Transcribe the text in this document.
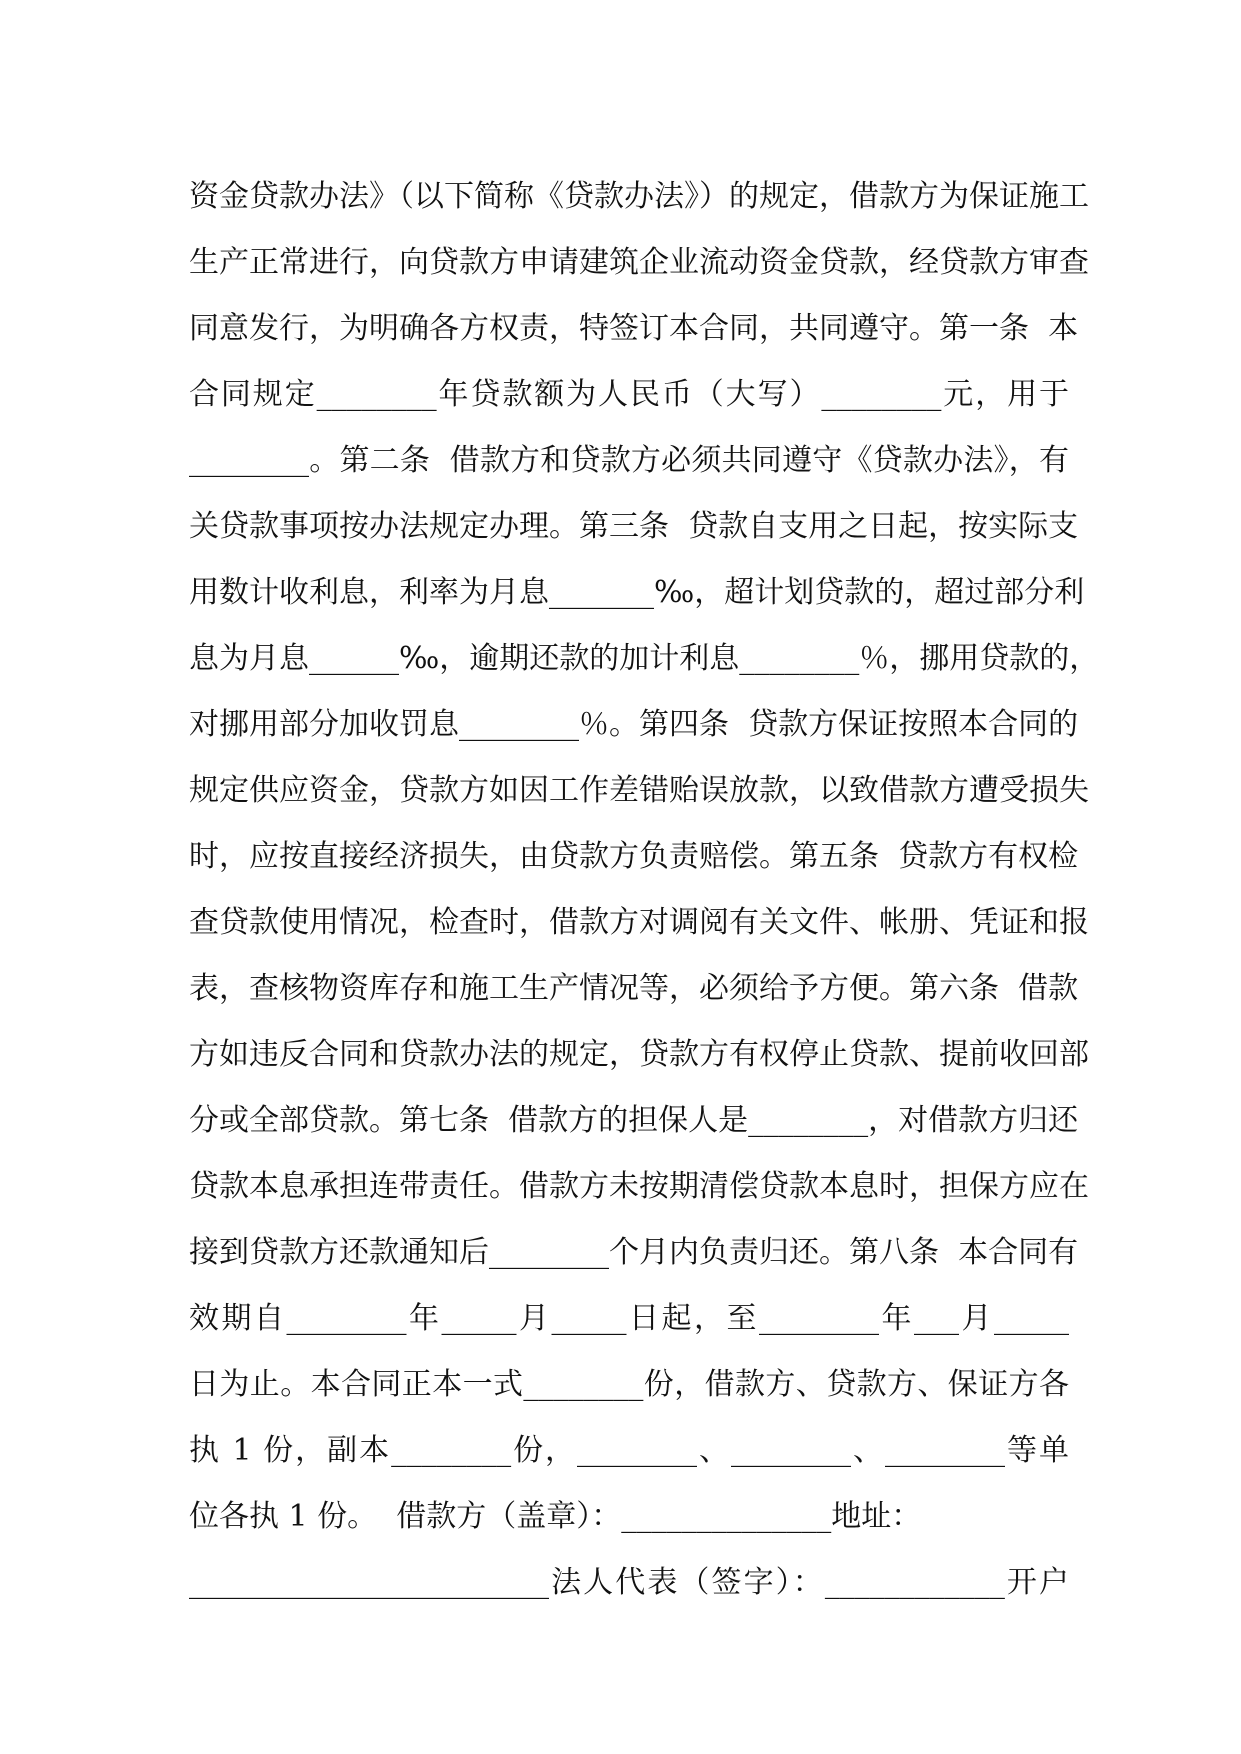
资金贷款办法》（以下简称《贷款办法》）的规定，借款方为保证施工
生产正常进行，向贷款方申请建筑企业流动资金贷款，经贷款方审查
同意发行，为明确各方权责，特签订本合同，共同遵守。第一条  本
合同规定________年贷款额为人民币（大写）________元，用于
________。第二条  借款方和贷款方必须共同遵守《贷款办法》，有
关贷款事项按办法规定办理。第三条  贷款自支用之日起，按实际支
用数计收利息，利率为月息_______‰，超计划贷款的，超过部分利
息为月息______‰，逾期还款的加计利息________％，挪用贷款的，
对挪用部分加收罚息________％。第四条  贷款方保证按照本合同的
规定供应资金，贷款方如因工作差错贻误放款，以致借款方遭受损失
时，应按直接经济损失，由贷款方负责赔偿。第五条  贷款方有权检
查贷款使用情况，检查时，借款方对调阅有关文件、帐册、凭证和报
表，查核物资库存和施工生产情况等，必须给予方便。第六条  借款
方如违反合同和贷款办法的规定，贷款方有权停止贷款、提前收回部
分或全部贷款。第七条  借款方的担保人是________，对借款方归还
贷款本息承担连带责任。借款方未按期清偿贷款本息时，担保方应在
接到贷款方还款通知后________个月内负责归还。第八条  本合同有
效期自________年_____月_____日起，至________年___月_____
日为止。本合同正本一式________份，借款方、贷款方、保证方各
执 1 份，副本________份，________、________、________等单
位各执 1 份。  借款方（盖章）：______________地址：
________________________法人代表（签字）：____________开户
